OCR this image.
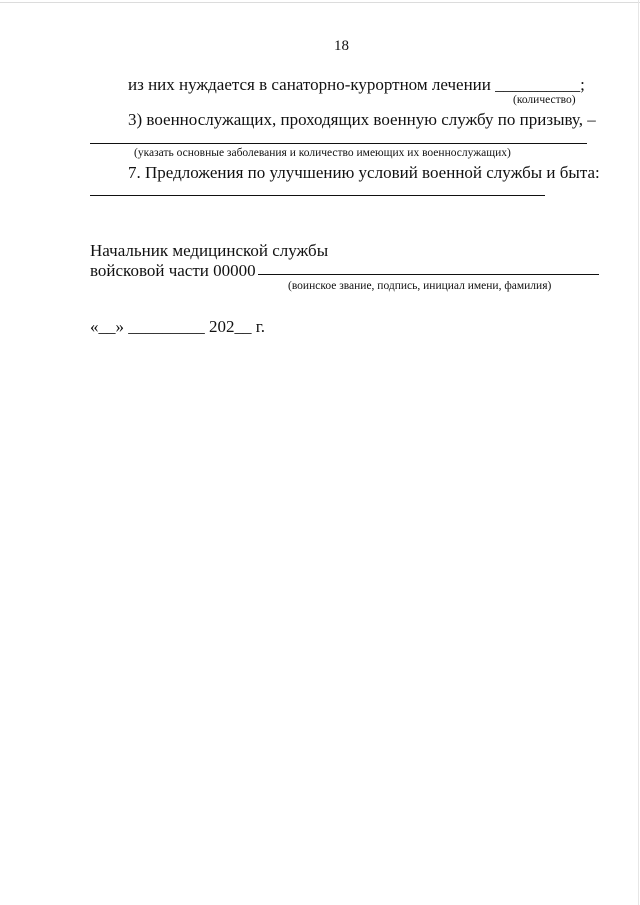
18
из них нуждается в санаторно-курортном лечении __________;
(количество)
3) военнослужащих, проходящих военную службу по призыву, –
(указать основные заболевания и количество имеющих их военнослужащих)
7. Предложения по улучшению условий военной службы и быта:
Начальник медицинской службы
войсковой части 00000
(воинское звание, подпись, инициал имени, фамилия)
«__» _________ 202__ г.
